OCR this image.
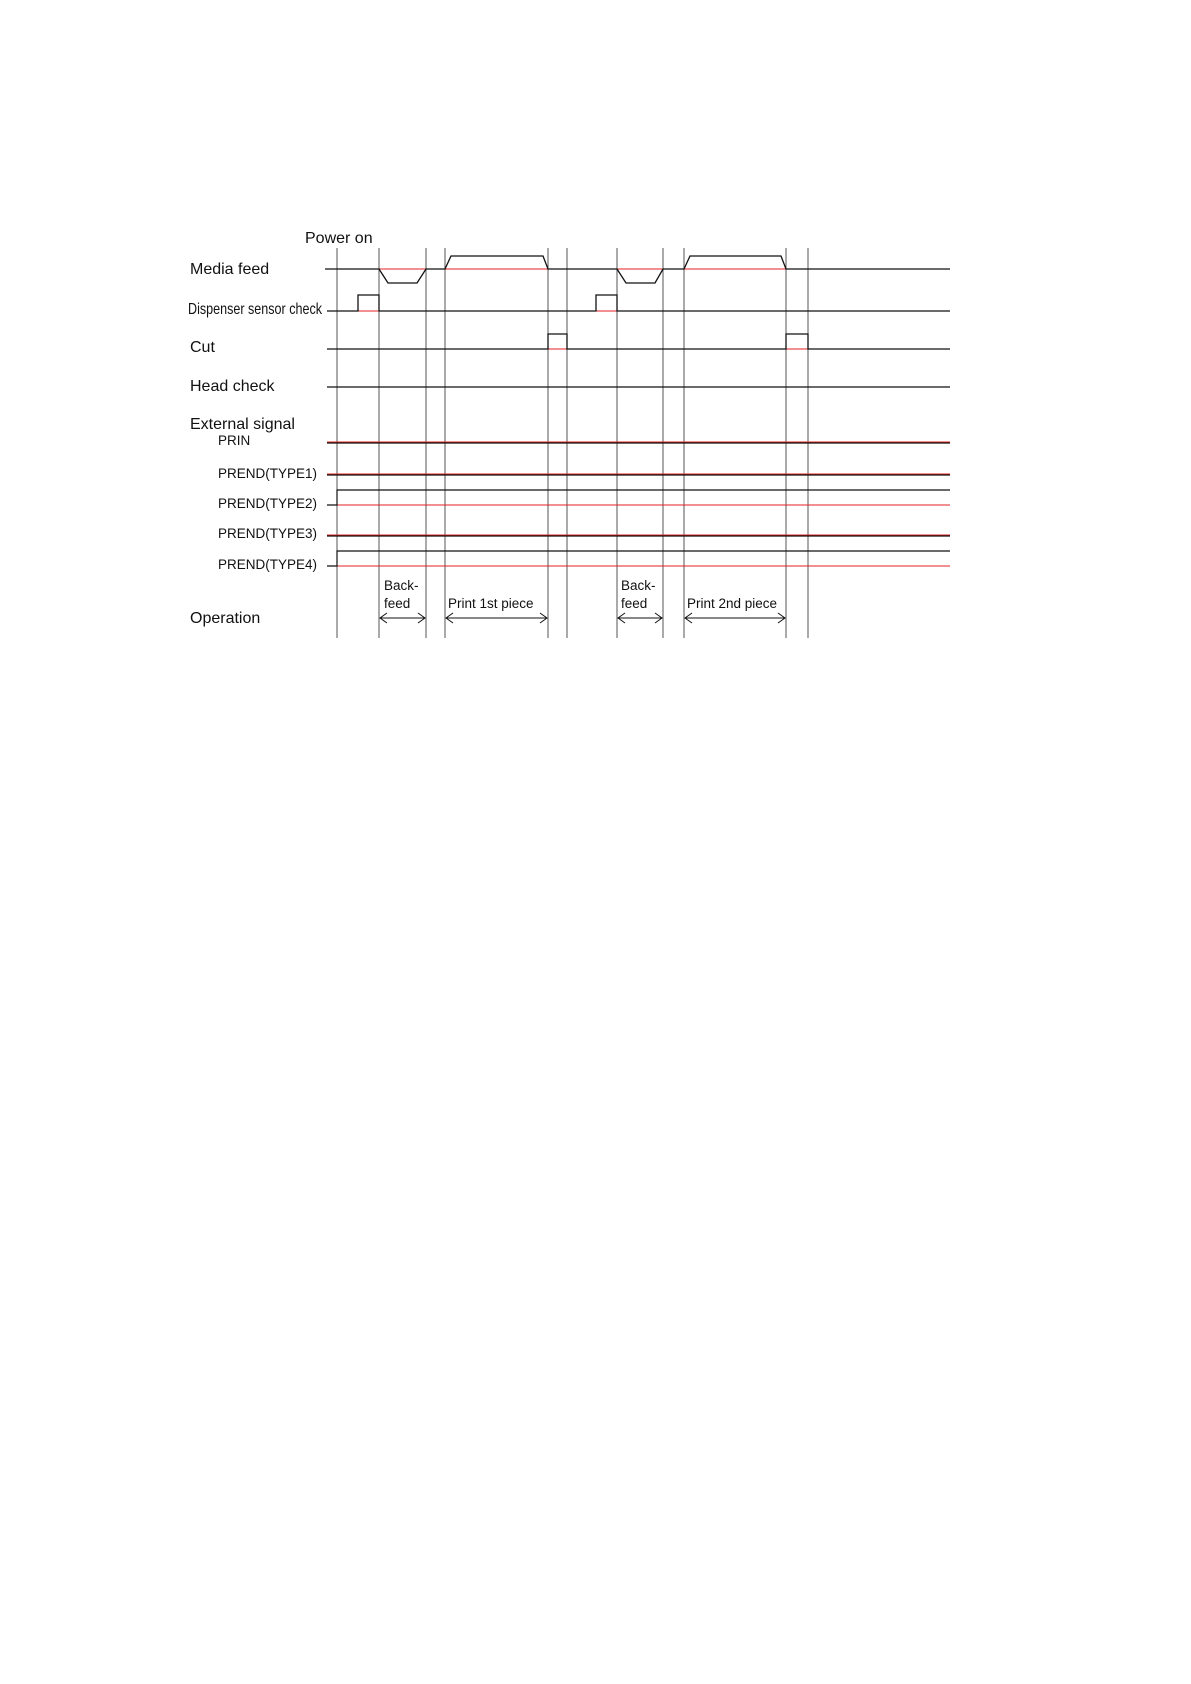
Power on
Media feed
Dispenser sensor check
Cut
Head check
External signal
PRIN
PREND(TYPE1)
PREND(TYPE2)
PREND(TYPE3)
PREND(TYPE4)
Operation
Back-
feed	Print 1st piece
Back-
feed	Print 2nd piece
